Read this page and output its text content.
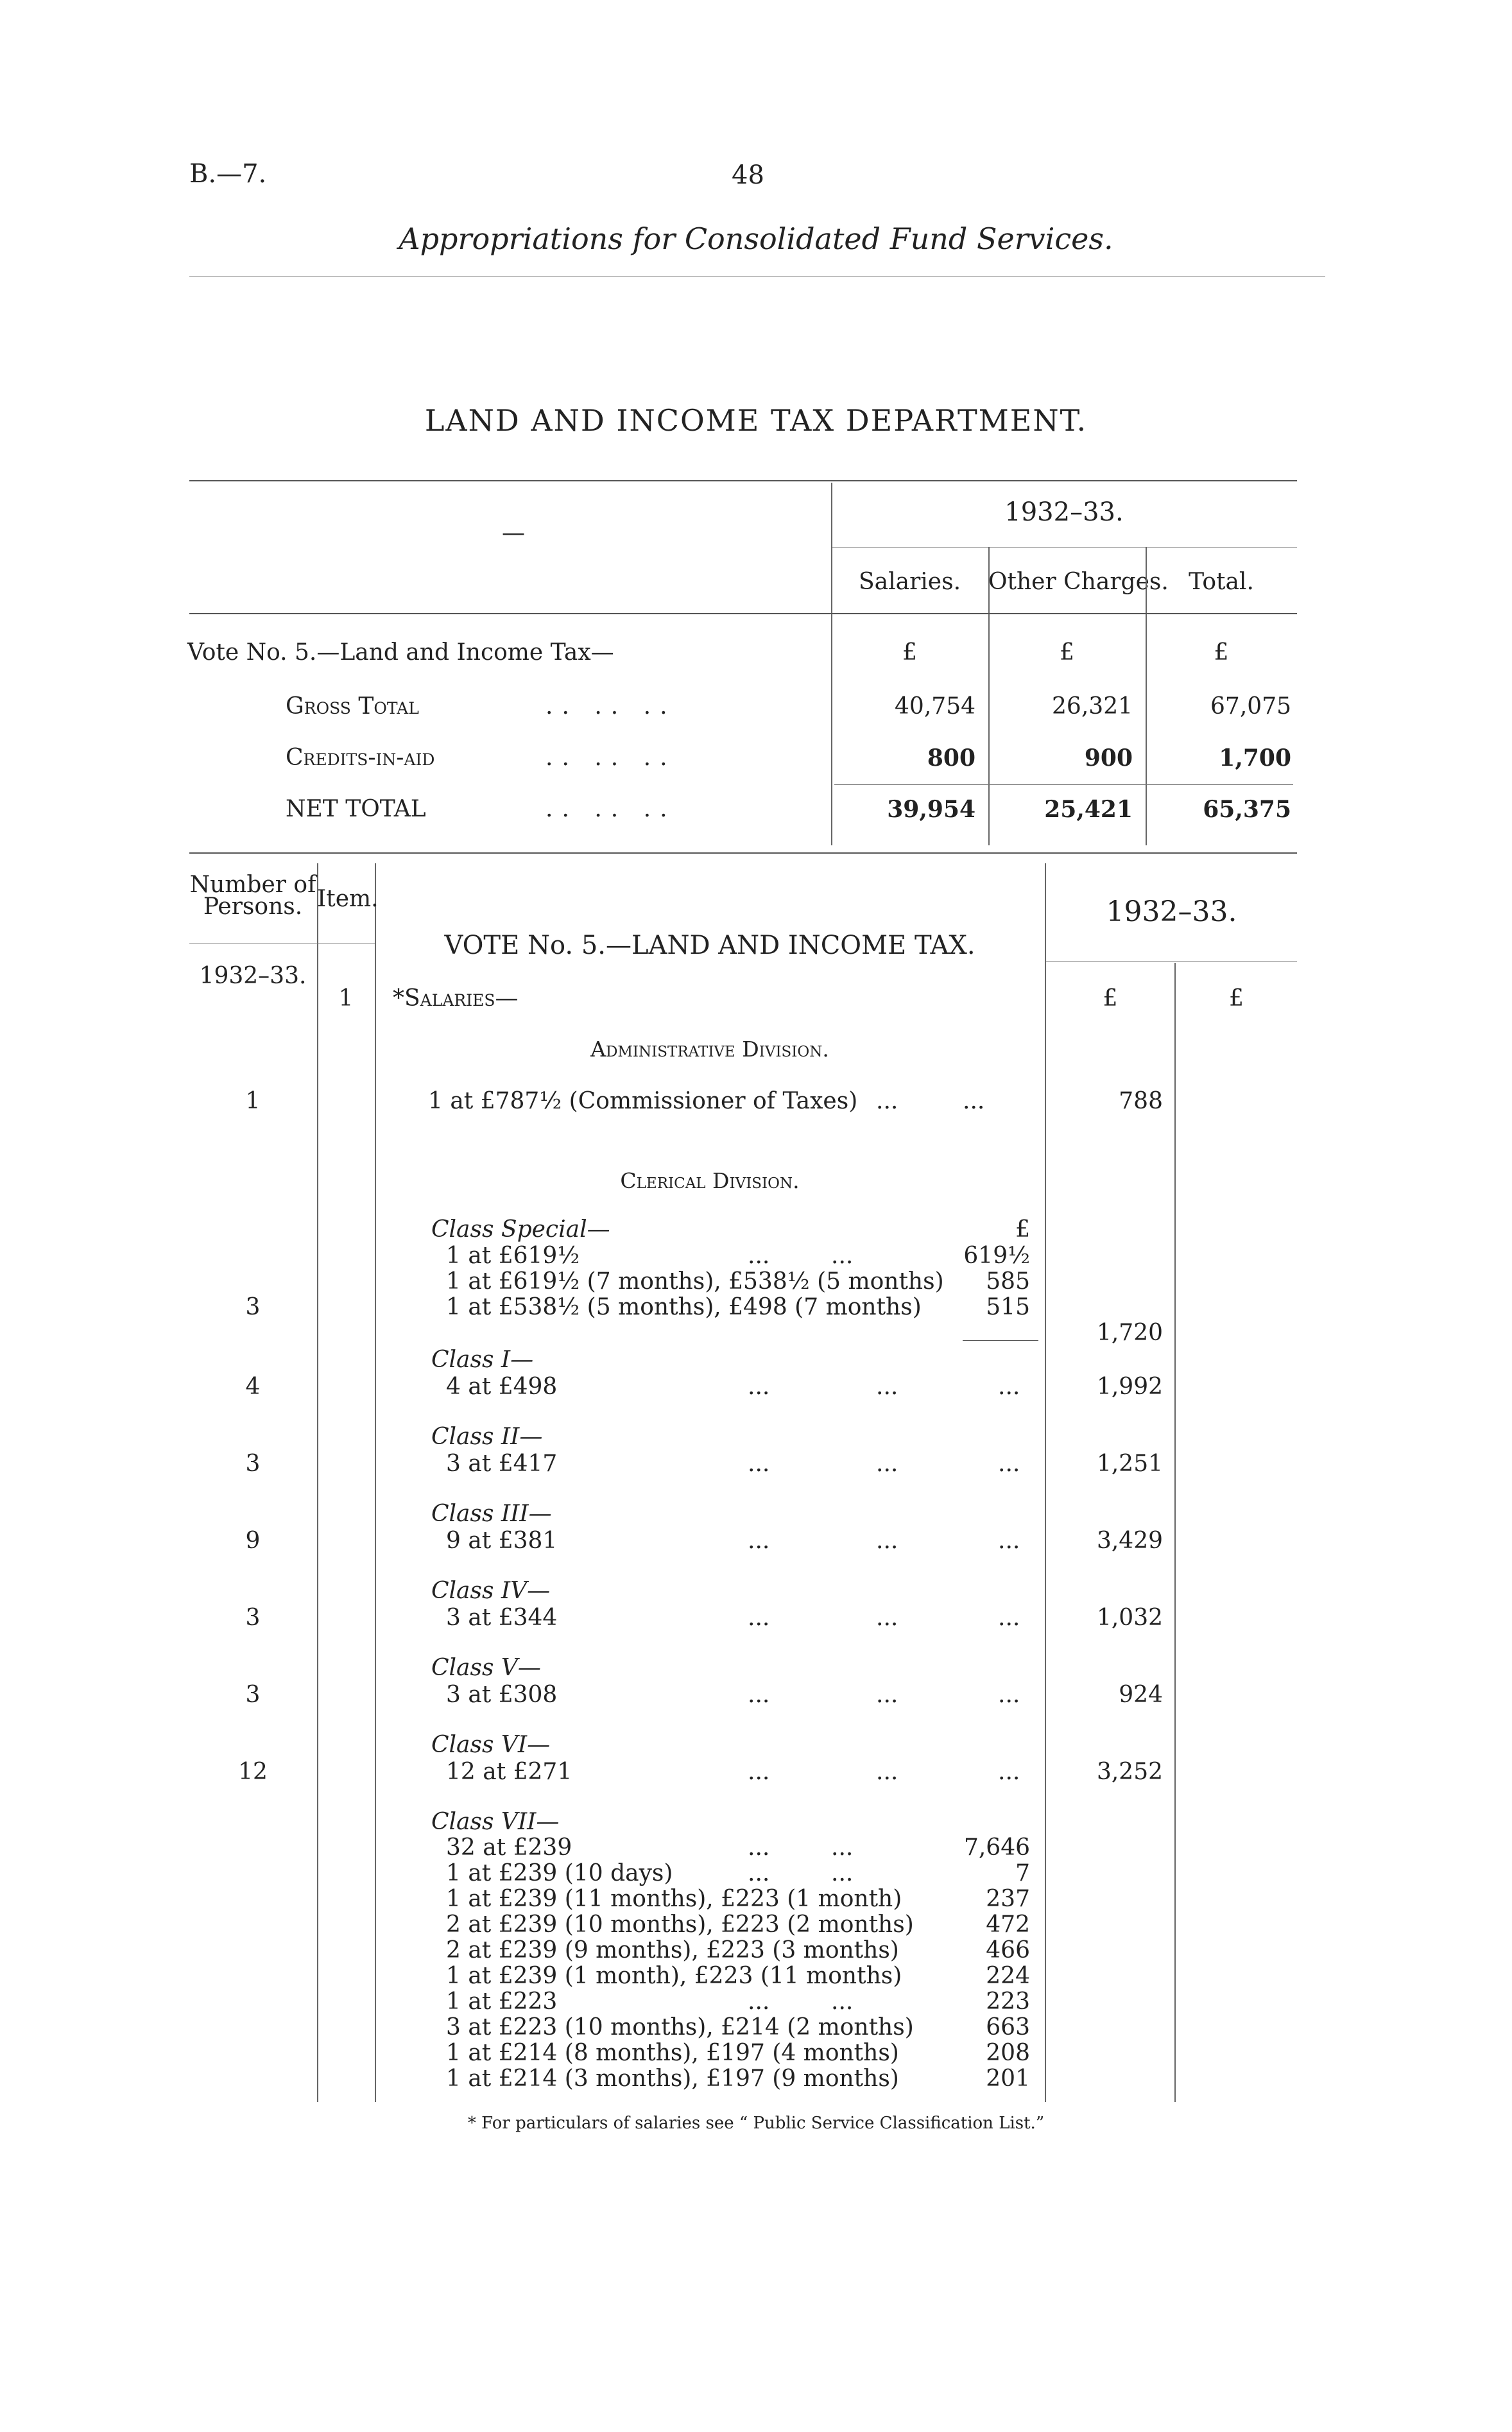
B.—7.	48
Appropriations for Consolidated Fund Services.
LAND AND INCOME TAX DEPARTMENT.
—
1932–33.
Salaries.	Other Charges. Total.
Vote No. 5.—Land and Income Tax—	£	£	£
Gross Total	.. .. ..	40,754	26,321	67,075
Credits-in-aid	.. .. ..	800	900	1,700
NET TOTAL	.. .. ..	39,954	25,421	65,375
Number of Persons. Item.
1932–33.
VOTE No. 5.—LAND AND INCOME TAX.
1932–33.
£	£
1	*Salaries—
Administrative Division.
1	1 at £787½ (Commissioner of Taxes) ...	...	788
Clerical Division.
Class Special—	£
1 at £619½	...	...	619½
1 at £619½ (7 months), £538½ (5 months)	585
3	1 at £538½ (5 months), £498 (7 months)	515
1,720
Class I—
4	4 at £498	...	...	...	1,992
Class II—
3	3 at £417	...	...	...	1,251
Class III—
9	9 at £381	...	...	...	3,429
Class IV—
3	3 at £344	...	...	...	1,032
Class V—
3	3 at £308	...	...	...	924
Class VI—
12	12 at £271	...	...	...	3,252
Class VII—
32 at £239	...	...	7,646
1 at £239 (10 days)	...	...	7
1 at £239 (11 months), £223 (1 month)	237
2 at £239 (10 months), £223 (2 months)	472
2 at £239 (9 months), £223 (3 months)	466
1 at £239 (1 month), £223 (11 months)	224
1 at £223	...	...	223
3 at £223 (10 months), £214 (2 months)	663
1 at £214 (8 months), £197 (4 months)	208
1 at £214 (3 months), £197 (9 months)	201
* For particulars of salaries see “ Public Service Classification List.”
